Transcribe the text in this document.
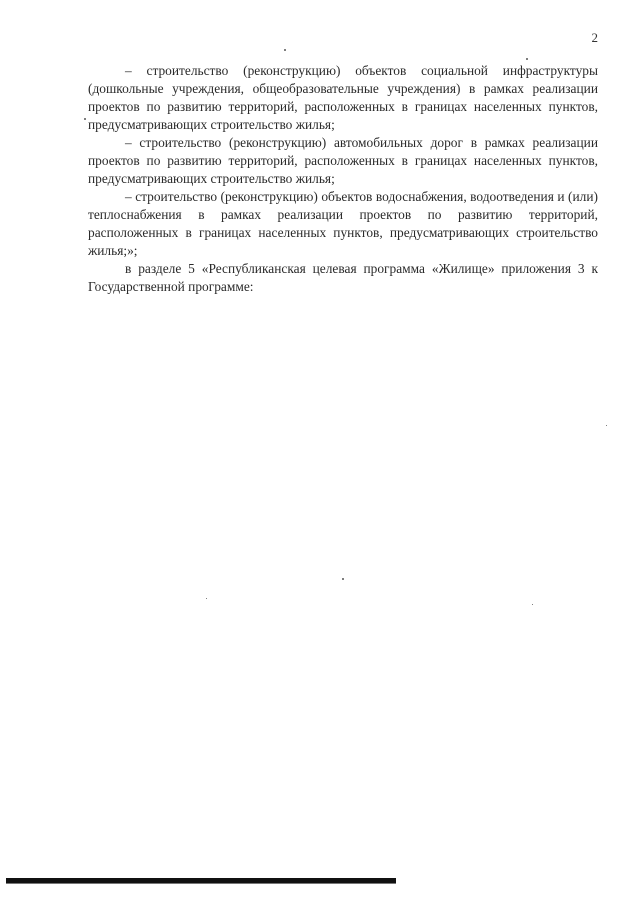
2

– строительство (реконструкцию) объектов социальной инфраструктуры (дошкольные учреждения, общеобразовательные учреждения) в рамках реализации проектов по развитию территорий, расположенных в границах населенных пунктов, предусматривающих строительство жилья;

– строительство (реконструкцию) автомобильных дорог в рамках реализации проектов по развитию территорий, расположенных в границах населенных пунктов, предусматривающих строительство жилья;

– строительство (реконструкцию) объектов водоснабжения, водоотведения и (или) теплоснабжения в рамках реализации проектов по развитию территорий, расположенных в границах населенных пунктов, предусматривающих строительство жилья;»;

в разделе 5 «Республиканская целевая программа «Жилище» приложения 3 к Государственной программе:
